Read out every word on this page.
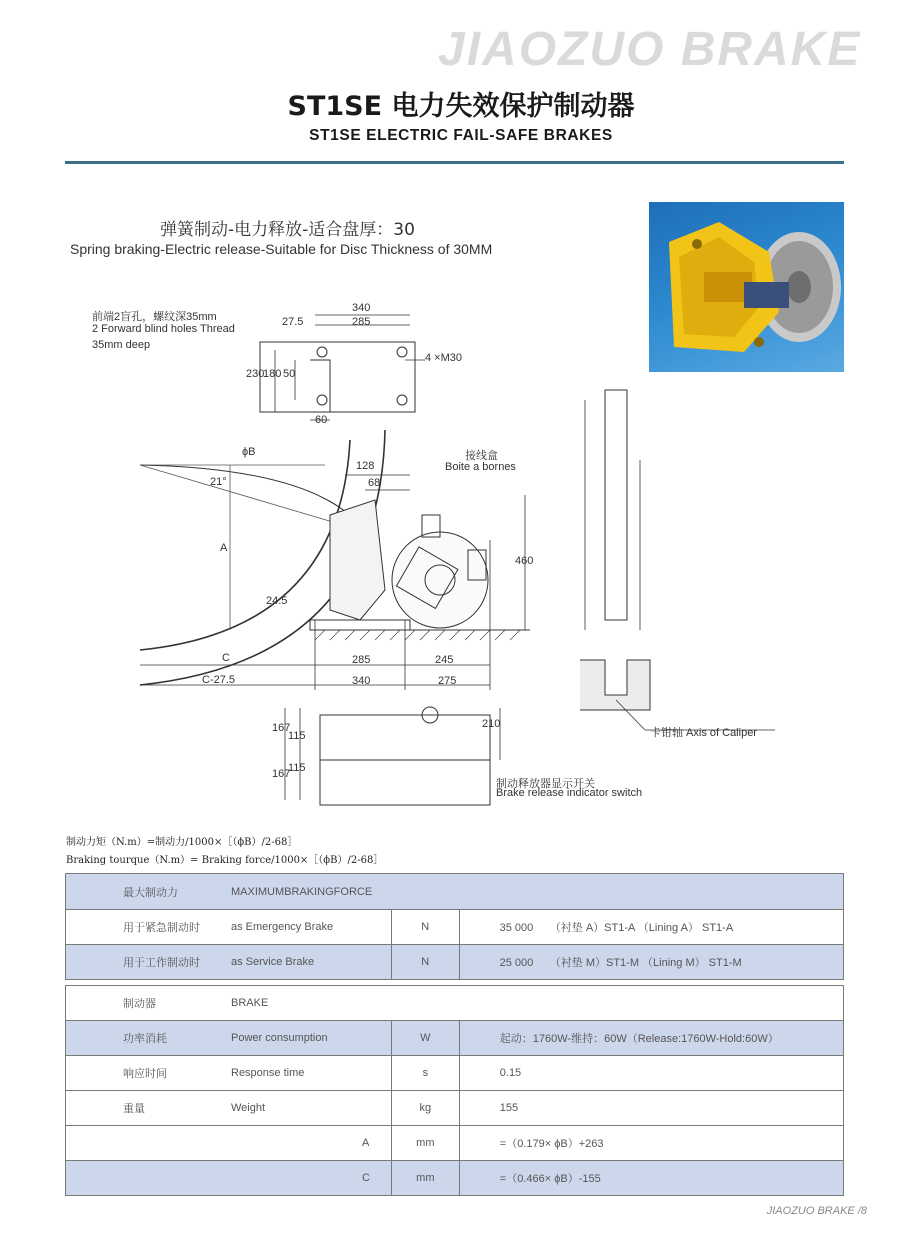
JIAOZUO BRAKE
ST1SE 电力失效保护制动器
ST1SE ELECTRIC FAIL-SAFE BRAKES
弹簧制动-电力释放-适合盘厚：30
Spring braking-Electric release-Suitable for Disc Thickness of 30MM
前端2盲孔，螺纹深35mm
2 Forward blind holes Thread
35mm deep
340
285
27.5
230
180 50
60
4 ×M30
ϕB
21°
A
128
68
460
24.5
接线盒
Boite a bornes
C
C-27.5
285	245
340	275
167
115
115
167
210
制动释放器显示开关
Brake release indicator switch
卡钳轴 Axis of Caliper
制动力矩（N.m）=制动力/1000×［（ϕB）/2-68］
Braking tourque（N.m）= Braking force/1000×［（ϕB）/2-68］
最大制动力 MAXIMUMBRAKINGFORCE		

用于紧急制动时 as Emergency Brake	N	35 000　　（衬垫 A）ST1-A （Lining A） ST1-A

用于工作制动时 as Service Brake	N	25 000　　（衬垫 M）ST1-M （Lining M） ST1-M
制动器 BRAKE		

功率消耗 Power consumption	W	起动：1760W-维持：60W（Release:1760W-Hold:60W）

响应时间 Response time	s	0.15

重量 Weight	kg	155

A	mm	=（0.179× ϕB）+263

C	mm	=（0.466× ϕB）-155
JIAOZUO BRAKE /8
